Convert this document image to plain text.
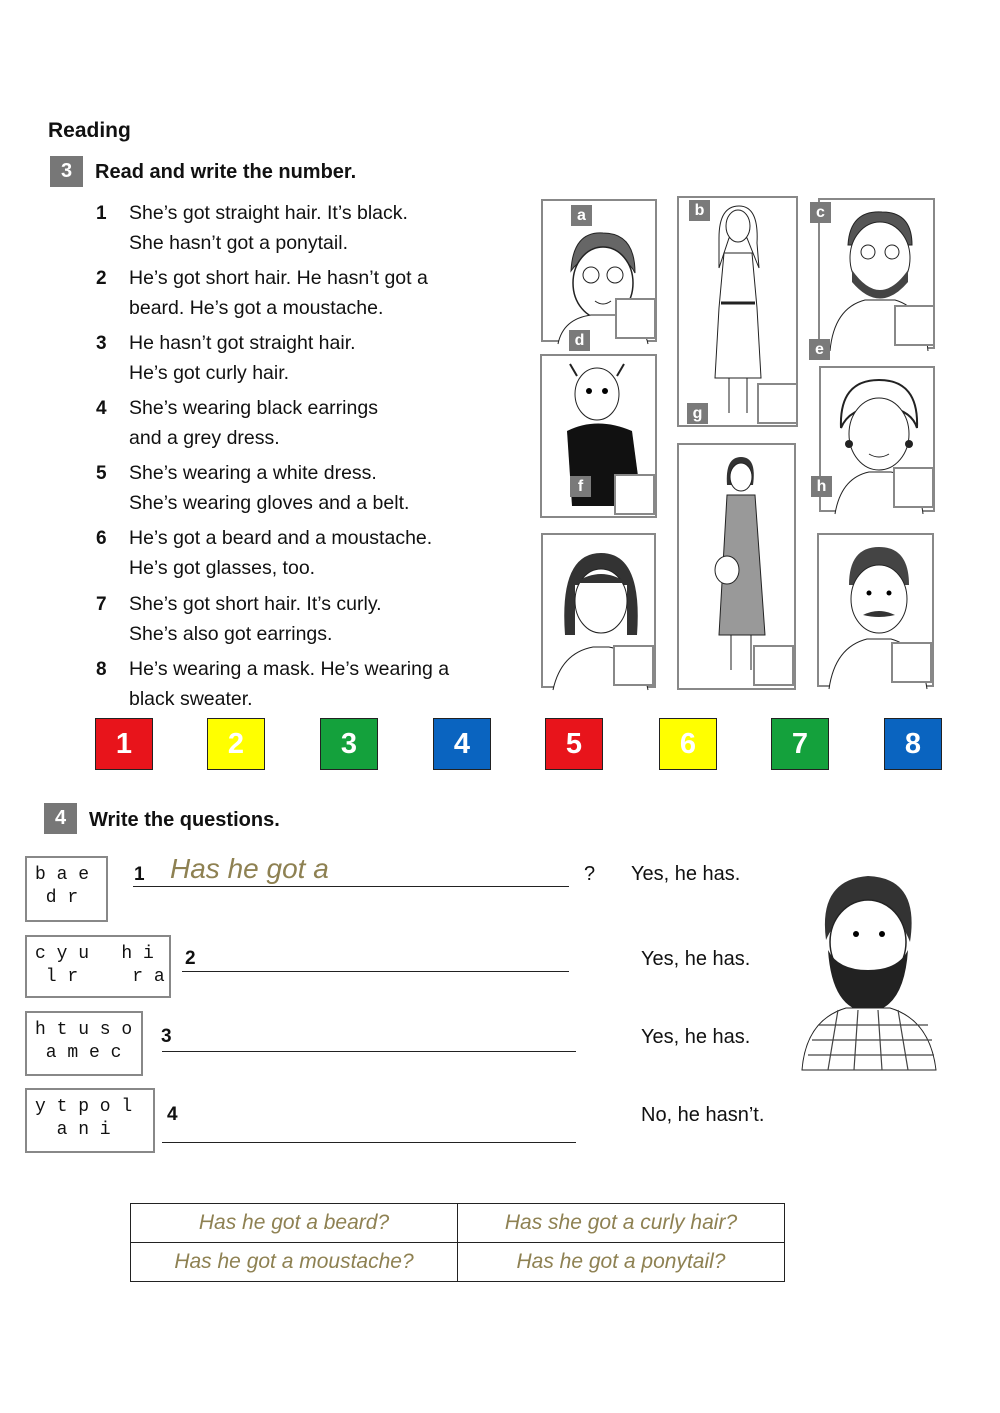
Reading
3	Read and write the number.
1 She’s got straight hair. It’s black.
She hasn’t got a ponytail.
2 He’s got short hair. He hasn’t got a
beard. He’s got a moustache.
3 He hasn’t got straight hair.
He’s got curly hair.
4 She’s wearing black earrings
and a grey dress.
5 She’s wearing a white dress.
She’s wearing gloves and a belt.
6 He’s got a beard and a moustache.
He’s got glasses, too.
7 She’s got short hair. It’s curly.
She’s also got earrings.
8 He’s wearing a mask. He’s wearing a
black sweater.
a
d
b
g
c
e
f	h
1	2	3	4	5	6	7	8
4	Write the questions.
b a e
d r
1 Has he got a	? Yes, he has.
c y u   h i
l r     r a
2	Yes, he has.
h t u s o
a m e c
3	Yes, he has.
y t p o l
a n i
4	No, he hasn’t.
Has he got a beard?	Has she got a curly hair?
Has he got a moustache?	Has he got a ponytail?
